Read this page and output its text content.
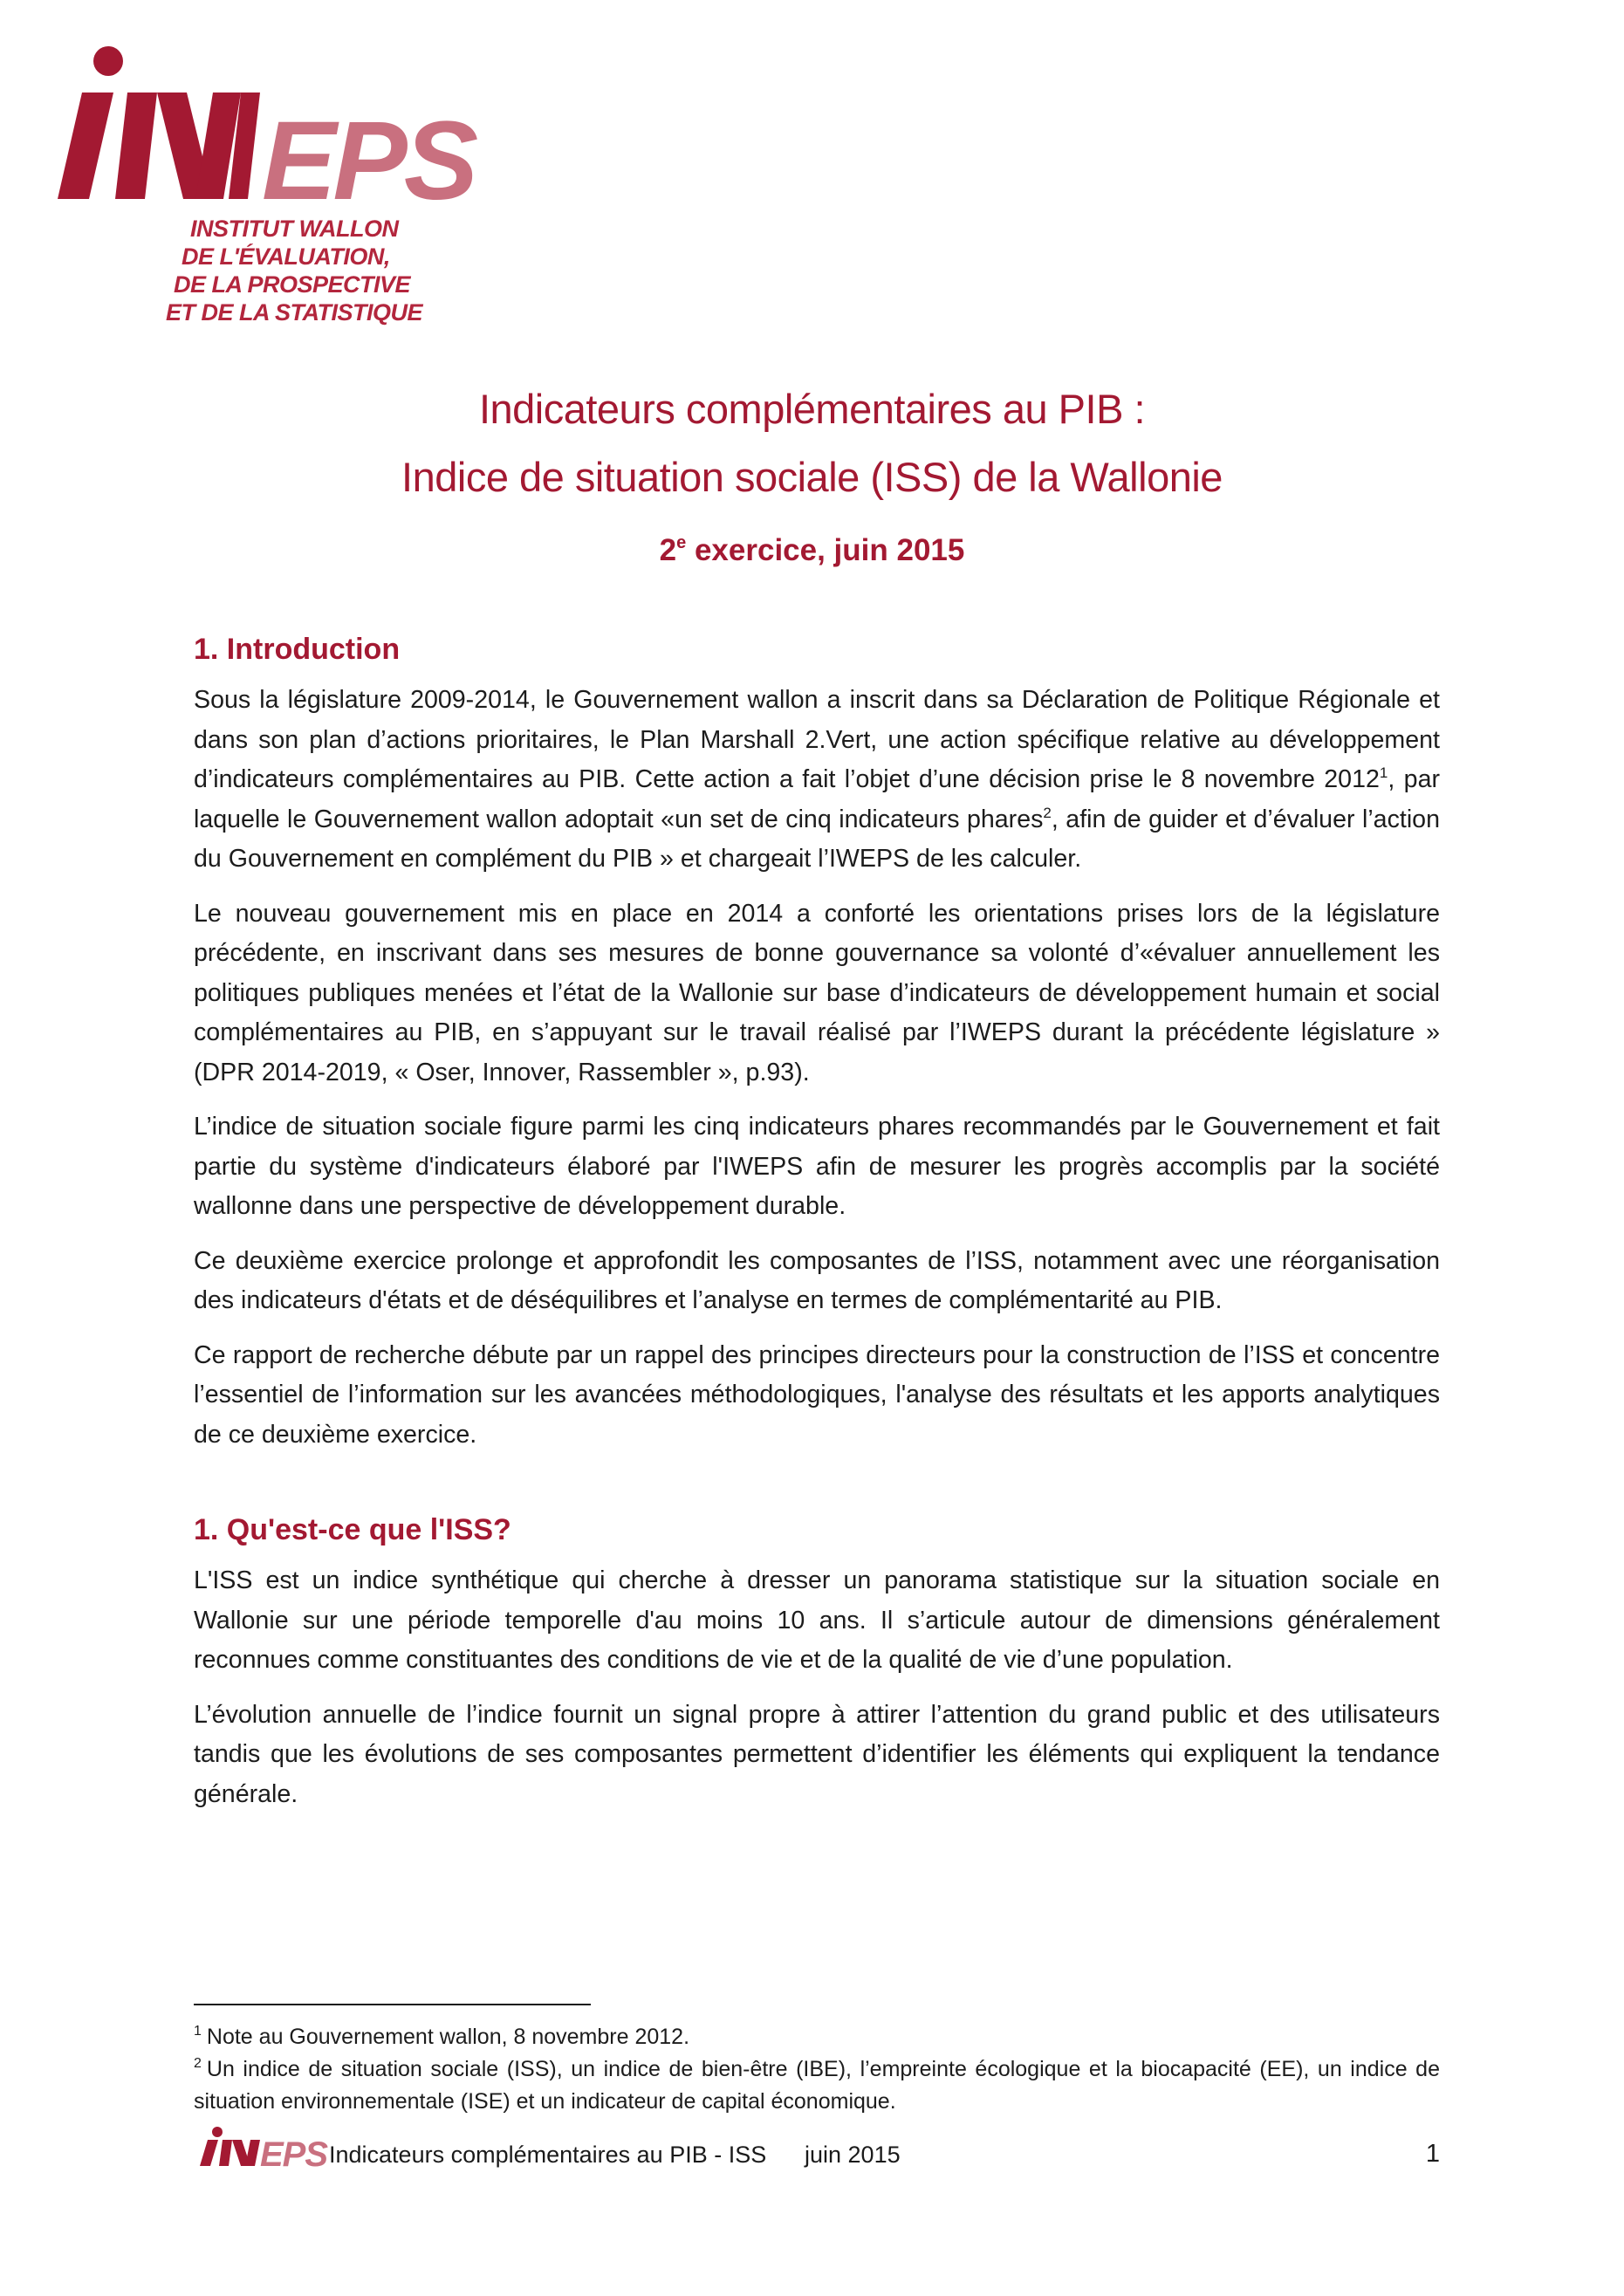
EPS
INSTITUT WALLON
DE L'ÉVALUATION,
DE LA PROSPECTIVE
ET DE LA STATISTIQUE
Indicateurs complémentaires au PIB :
Indice de situation sociale (ISS) de la Wallonie
2e exercice, juin 2015
1. Introduction

Sous la législature 2009-2014, le Gouvernement wallon a inscrit dans sa Déclaration de Politique Régionale et dans son plan d’actions prioritaires, le Plan Marshall 2.Vert, une action spécifique relative au développement d’indicateurs complémentaires au PIB. Cette action a fait l’objet d’une décision prise le 8 novembre 2012$^1$, par laquelle le Gouvernement wallon adoptait «un set de cinq indicateurs phares$^2$, afin de guider et d’évaluer l’action du Gouvernement en complément du PIB » et chargeait l’IWEPS de les calculer.

Le nouveau gouvernement mis en place en 2014 a conforté les orientations prises lors de la législature précédente, en inscrivant dans ses mesures de bonne gouvernance sa volonté d’«évaluer annuellement les politiques publiques menées et l’état de la Wallonie sur base d’indicateurs de développement humain et social complémentaires au PIB, en s’appuyant sur le travail réalisé par l’IWEPS durant la précédente législature » (DPR 2014-2019, « Oser, Innover, Rassembler », p.93).

L’indice de situation sociale figure parmi les cinq indicateurs phares recommandés par le Gouvernement et fait partie du système d'indicateurs élaboré par l'IWEPS afin de mesurer les progrès accomplis par la société wallonne dans une perspective de développement durable.

Ce deuxième exercice prolonge et approfondit les composantes de l’ISS, notamment avec une réorganisation des indicateurs d'états et de déséquilibres et l’analyse en termes de complémentarité au PIB.

Ce rapport de recherche débute par un rappel des principes directeurs pour la construction de l’ISS et concentre l’essentiel de l’information sur les avancées méthodologiques, l'analyse des résultats et les apports analytiques de ce deuxième exercice.

1. Qu'est-ce que l'ISS?

L'ISS est un indice synthétique qui cherche à dresser un panorama statistique sur la situation sociale en Wallonie sur une période temporelle d'au moins 10 ans. Il s’articule autour de dimensions généralement reconnues comme constituantes des conditions de vie et de la qualité de vie d’une population.

L’évolution annuelle de l’indice fournit un signal propre à attirer l’attention du grand public et des utilisateurs tandis que les évolutions de ses composantes permettent d’identifier les éléments qui expliquent la tendance générale.

$^1$ Note au Gouvernement wallon, 8 novembre 2012.

$^2$ Un indice de situation sociale (ISS), un indice de bien-être (IBE), l’empreinte écologique et la biocapacité (EE), un indice de situation environnementale (ISE) et un indicateur de capital économique.

EPS Indicateurs complémentaires au PIB - ISS juin 2015	1
